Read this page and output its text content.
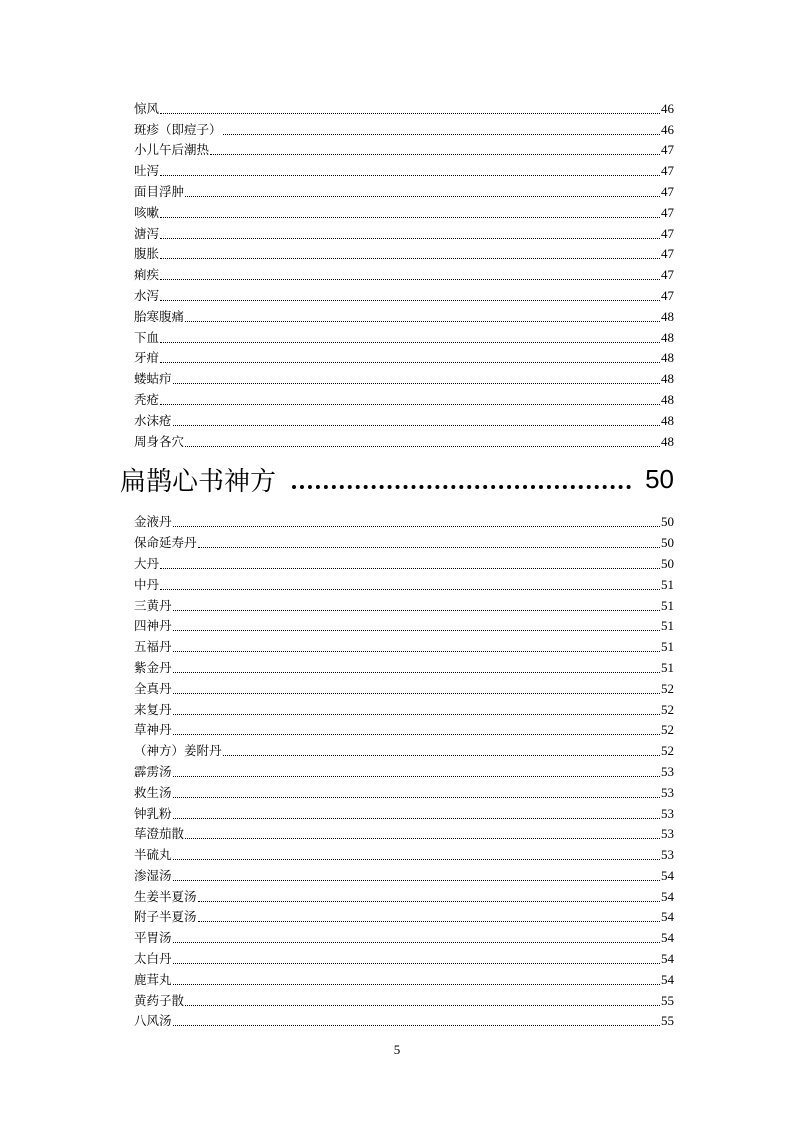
惊风	46
斑疹（即痘子）	46
小儿午后潮热	47
吐泻	47
面目浮肿	47
咳嗽	47
溏泻	47
腹胀	47
痢疾	47
水泻	47
胎寒腹痛	48
下血	48
牙疳	48
蝼蛄疖	48
秃疮	48
水沫疮	48
周身各穴	48
扁鹊心书神方	50
金液丹	50
保命延寿丹	50
大丹	50
中丹	51
三黄丹	51
四神丹	51
五福丹	51
紫金丹	51
全真丹	52
来复丹	52
草神丹	52
（神方）姜附丹	52
霹雳汤	53
救生汤	53
钟乳粉	53
荜澄茄散	53
半硫丸	53
渗湿汤	54
生姜半夏汤	54
附子半夏汤	54
平胃汤	54
太白丹	54
鹿茸丸	54
黄药子散	55
八风汤	55
5
